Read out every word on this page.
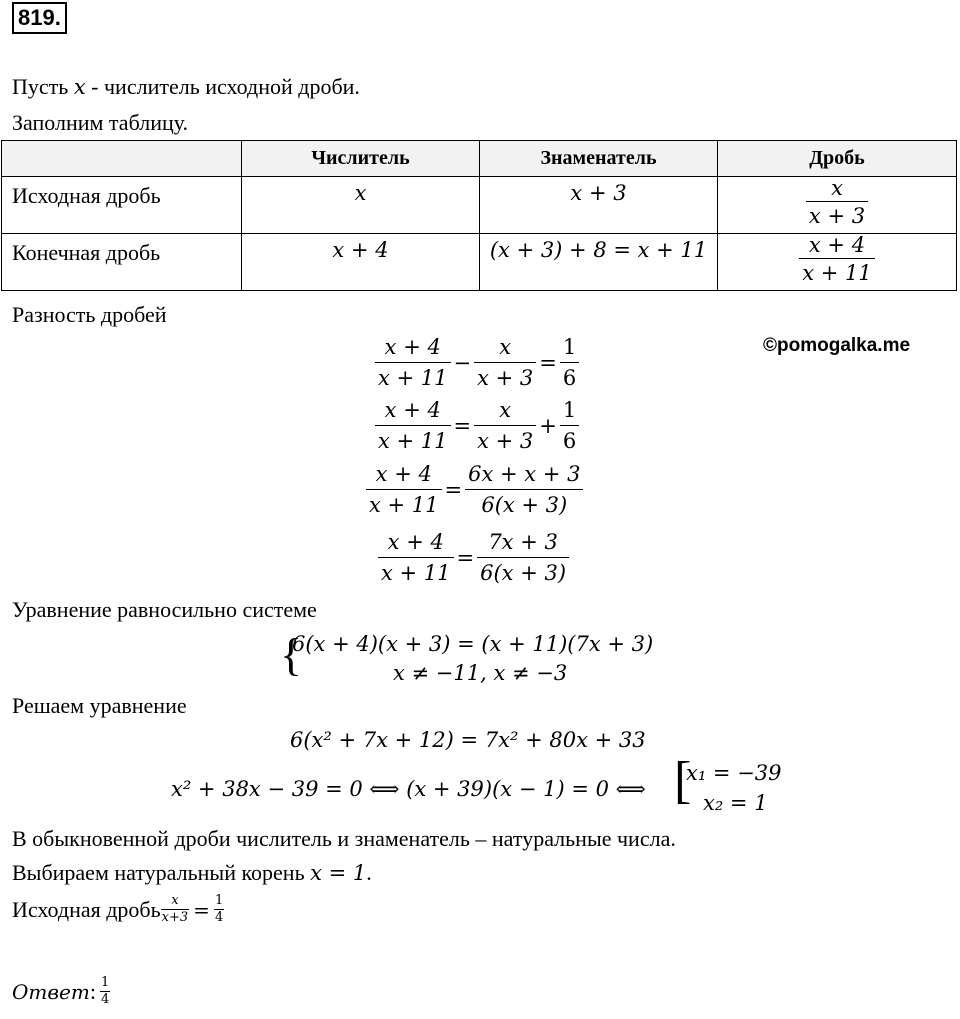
819.
Пусть x - числитель исходной дроби.
Заполним таблицу.
	Числитель	Знаменатель	Дробь

Исходная дробь	x	x + 3	$\frac{x}{x + 3}$

Конечная дробь	x + 4	(x + 3) + 8 = x + 11	$\frac{x + 4}{x + 11}$
Разность дробей
©pomogalka.me
$\frac{x + 4}{x + 11} - \frac{x}{x + 3} = \frac{1}{6}$
$\frac{x + 4}{x + 11} = \frac{x}{x + 3} + \frac{1}{6}$
$\frac{x + 4}{x + 11} = \frac{6x + x + 3}{6(x + 3)}$
$\frac{x + 4}{x + 11} = \frac{7x + 3}{6(x + 3)}$
Уравнение равносильно системе
{
6(x + 4)(x + 3) = (x + 11)(7x + 3)
x ≠ −11, x ≠ −3
Решаем уравнение
6(x² + 7x + 12) = 7x² + 80x + 33
x² + 38x − 39 = 0 ⟺ (x + 39)(x − 1) = 0 ⟺ [
x₁ = −39
x₂ = 1
В обыкновенной дроби числитель и знаменатель – натуральные числа.
Выбираем натуральный корень x = 1.
Исходная дробь $\frac{x}{x+3} = \frac{1}{4}$
Ответ : $\frac{1}{4}$
